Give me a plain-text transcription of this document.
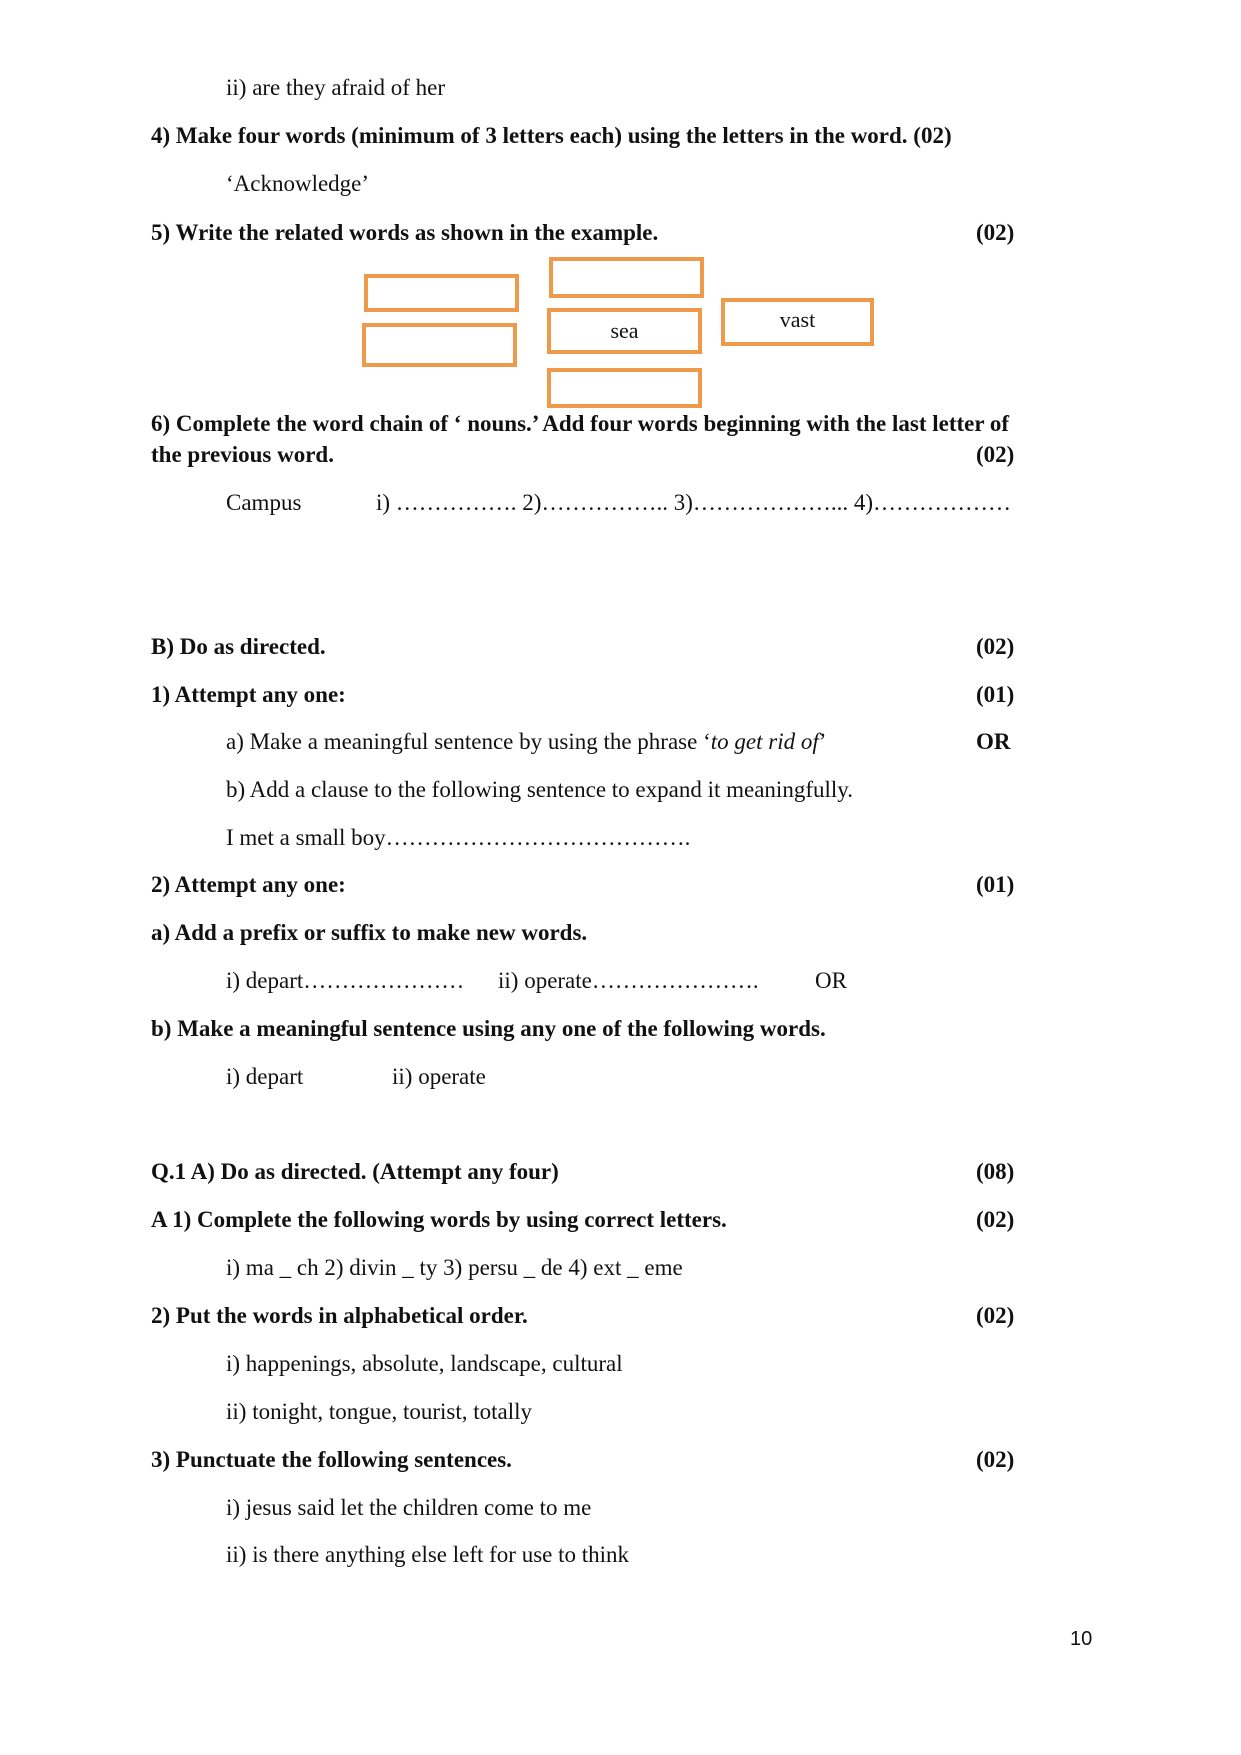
ii) are they afraid of her
4) Make four words (minimum of 3 letters each) using the letters in the word. (02)
‘Acknowledge’
5) Write the related words as shown in the example.	(02)
sea	vast
6) Complete the word chain of ‘ nouns.’ Add four words beginning with the last letter of
the previous word.	(02)
Campus	i) ……………. 2)…………….. 3)………………... 4)………………
B) Do as directed.	(02)
1) Attempt any one:	(01)
a) Make a meaningful sentence by using the phrase ‘to get rid of’	OR
b) Add a clause to the following sentence to expand it meaningfully.
I met a small boy………………………………….
2) Attempt any one:	(01)
a) Add a prefix or suffix to make new words.
i) depart………………… ii) operate…………………. OR
b) Make a meaningful sentence using any one of the following words.
i) depart	ii) operate
Q.1 A) Do as directed. (Attempt any four)	(08)
A 1) Complete the following words by using correct letters.	(02)
i) ma _ ch 2) divin _ ty 3) persu _ de 4) ext _ eme
2) Put the words in alphabetical order.	(02)
i) happenings, absolute, landscape, cultural
ii) tonight, tongue, tourist, totally
3) Punctuate the following sentences.	(02)
i) jesus said let the children come to me
ii) is there anything else left for use to think
10
